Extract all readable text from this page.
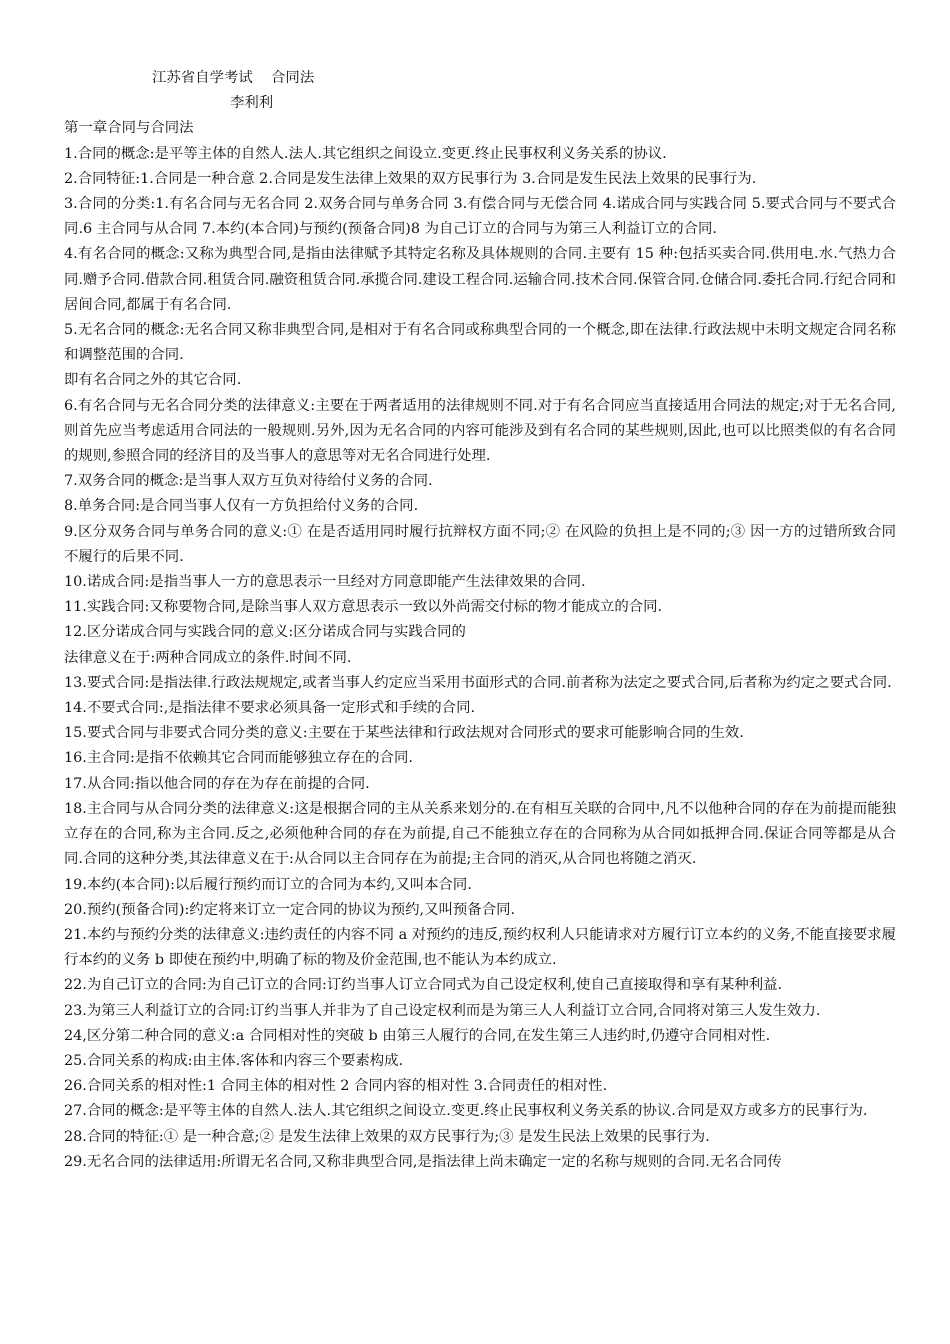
江苏省自学考试    合同法

李利利

第一章合同与合同法

1.合同的概念:是平等主体的自然人.法人.其它组织之间设立.变更.终止民事权利义务关系的协议.

2.合同特征:1.合同是一种合意 2.合同是发生法律上效果的双方民事行为 3.合同是发生民法上效果的民事行为.

3.合同的分类:1.有名合同与无名合同 2.双务合同与单务合同 3.有偿合同与无偿合同 4.诺成合同与实践合同 5.要式合同与不要式合同.6 主合同与从合同 7.本约(本合同)与预约(预备合同)8 为自己订立的合同与为第三人利益订立的合同.

4.有名合同的概念:又称为典型合同,是指由法律赋予其特定名称及具体规则的合同.主要有 15 种:包括买卖合同.供用电.水.气热力合同.赠予合同.借款合同.租赁合同.融资租赁合同.承揽合同.建设工程合同.运输合同.技术合同.保管合同.仓储合同.委托合同.行纪合同和居间合同,都属于有名合同.

5.无名合同的概念:无名合同又称非典型合同,是相对于有名合同或称典型合同的一个概念,即在法律.行政法规中未明文规定合同名称和调整范围的合同.

即有名合同之外的其它合同.

6.有名合同与无名合同分类的法律意义:主要在于两者适用的法律规则不同.对于有名合同应当直接适用合同法的规定;对于无名合同,则首先应当考虑适用合同法的一般规则.另外,因为无名合同的内容可能涉及到有名合同的某些规则,因此,也可以比照类似的有名合同的规则,参照合同的经济目的及当事人的意思等对无名合同进行处理.

7.双务合同的概念:是当事人双方互负对待给付义务的合同.

8.单务合同:是合同当事人仅有一方负担给付义务的合同.

9.区分双务合同与单务合同的意义:① 在是否适用同时履行抗辩权方面不同;② 在风险的负担上是不同的;③ 因一方的过错所致合同不履行的后果不同.

10.诺成合同:是指当事人一方的意思表示一旦经对方同意即能产生法律效果的合同.

11.实践合同:又称要物合同,是除当事人双方意思表示一致以外尚需交付标的物才能成立的合同.

12.区分诺成合同与实践合同的意义:区分诺成合同与实践合同的

法律意义在于:两种合同成立的条件.时间不同.

13.要式合同:是指法律.行政法规规定,或者当事人约定应当采用书面形式的合同.前者称为法定之要式合同,后者称为约定之要式合同.

14.不要式合同:,是指法律不要求必须具备一定形式和手续的合同.

15.要式合同与非要式合同分类的意义:主要在于某些法律和行政法规对合同形式的要求可能影响合同的生效.

16.主合同:是指不依赖其它合同而能够独立存在的合同.

17.从合同:指以他合同的存在为存在前提的合同.

18.主合同与从合同分类的法律意义:这是根据合同的主从关系来划分的.在有相互关联的合同中,凡不以他种合同的存在为前提而能独立存在的合同,称为主合同.反之,必须他种合同的存在为前提,自己不能独立存在的合同称为从合同如抵押合同.保证合同等都是从合同.合同的这种分类,其法律意义在于:从合同以主合同存在为前提;主合同的消灭,从合同也将随之消灭.

19.本约(本合同):以后履行预约而订立的合同为本约,又叫本合同.

20.预约(预备合同):约定将来订立一定合同的协议为预约,又叫预备合同.

21.本约与预约分类的法律意义:违约责任的内容不同 a 对预约的违反,预约权利人只能请求对方履行订立本约的义务,不能直接要求履行本约的义务 b 即使在预约中,明确了标的物及价金范围,也不能认为本约成立.

22.为自己订立的合同:为自己订立的合同:订约当事人订立合同式为自己设定权利,使自己直接取得和享有某种利益.

23.为第三人利益订立的合同:订约当事人并非为了自己设定权利而是为第三人人利益订立合同,合同将对第三人发生效力.

24,区分第二种合同的意义:a 合同相对性的突破 b 由第三人履行的合同,在发生第三人违约时,仍遵守合同相对性.

25.合同关系的构成:由主体.客体和内容三个要素构成.

26.合同关系的相对性:1 合同主体的相对性 2 合同内容的相对性 3.合同责任的相对性.

27.合同的概念:是平等主体的自然人.法人.其它组织之间设立.变更.终止民事权利义务关系的协议.合同是双方或多方的民事行为.

28.合同的特征:① 是一种合意;② 是发生法律上效果的双方民事行为;③ 是发生民法上效果的民事行为.

29.无名合同的法律适用:所谓无名合同,又称非典型合同,是指法律上尚未确定一定的名称与规则的合同.无名合同传
